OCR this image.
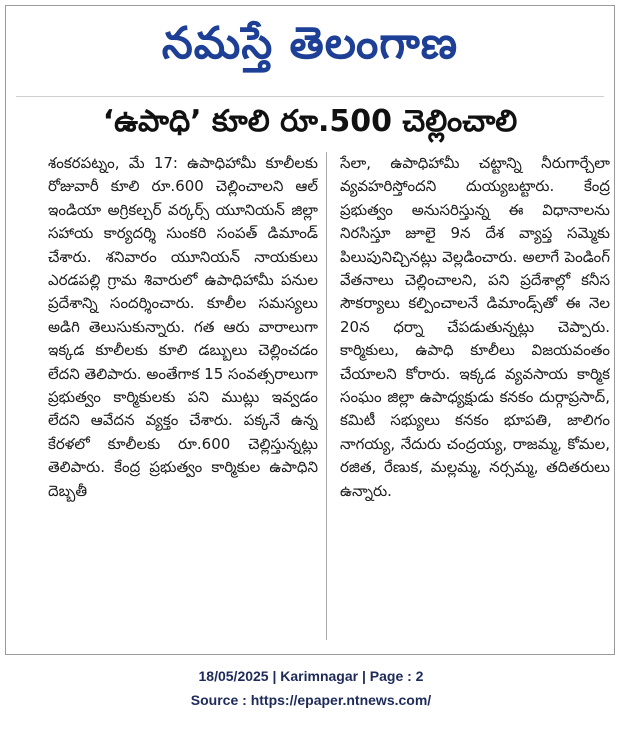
నమస్తే తెలంగాణ
‘ఉపాధి’ కూలి రూ.500 చెల్లించాలి
శంకరపట్నం, మే 17: ఉపాధిహామీ కూలీలకు రోజువారీ కూలి రూ.600 చెల్లించాలని ఆల్ ఇండియా అగ్రికల్చర్ వర్కర్స్ యూనియన్ జిల్లా సహాయ కార్యదర్శి సుంకరి సంపత్ డిమాండ్ చేశారు. శనివారం యూనియన్ నాయకులు ఎరడపల్లి గ్రామ శివారులో ఉపాధిహామీ పనుల ప్రదేశాన్ని సందర్శించారు. కూలీల సమస్యలు అడిగి తెలుసుకున్నారు. గత ఆరు వారాలుగా ఇక్కడ కూలీలకు కూలి డబ్బులు చెల్లించడం లేదని తెలిపారు. అంతేగాక 15 సంవత్సరాలుగా ప్రభుత్వం కార్మికులకు పని ముట్లు ఇవ్వడం లేదని ఆవేదన వ్యక్తం చేశారు. పక్కనే ఉన్న కేరళలో కూలీలకు రూ.600 చెల్లిస్తున్నట్లు తెలిపారు. కేంద్ర ప్రభుత్వం కార్మికుల ఉపాధిని దెబ్బతీ
సేలా, ఉపాధిహామీ చట్టాన్ని నీరుగార్చేలా వ్యవహరిస్తోందని దుయ్యబట్టారు. కేంద్ర ప్రభుత్వం అనుసరిస్తున్న ఈ విధానాలను నిరసిస్తూ జూలై 9న దేశ వ్యాప్త సమ్మెకు పిలుపునిచ్చినట్లు వెల్లడించారు. అలాగే పెండింగ్ వేతనాలు చెల్లించాలని, పని ప్రదేశాల్లో కనీస సౌకర్యాలు కల్పించాలనే డిమాండ్స్‌తో ఈ నెల 20న ధర్నా చేపడుతున్నట్లు చెప్పారు. కార్మికులు, ఉపాధి కూలీలు విజయవంతం చేయాలని కోరారు. ఇక్కడ వ్యవసాయ కార్మిక సంఘం జిల్లా ఉపాధ్యక్షుడు కనకం దుర్గాప్రసాద్, కమిటీ సభ్యులు కనకం భూపతి, జాలిగం నాగయ్య, నేదురు చంద్రయ్య, రాజమ్మ, కోమల, రజిత, రేణుక, మల్లమ్మ, నర్సమ్మ, తదితరులు ఉన్నారు.
18/05/2025 | Karimnagar | Page : 2
Source : https://epaper.ntnews.com/
